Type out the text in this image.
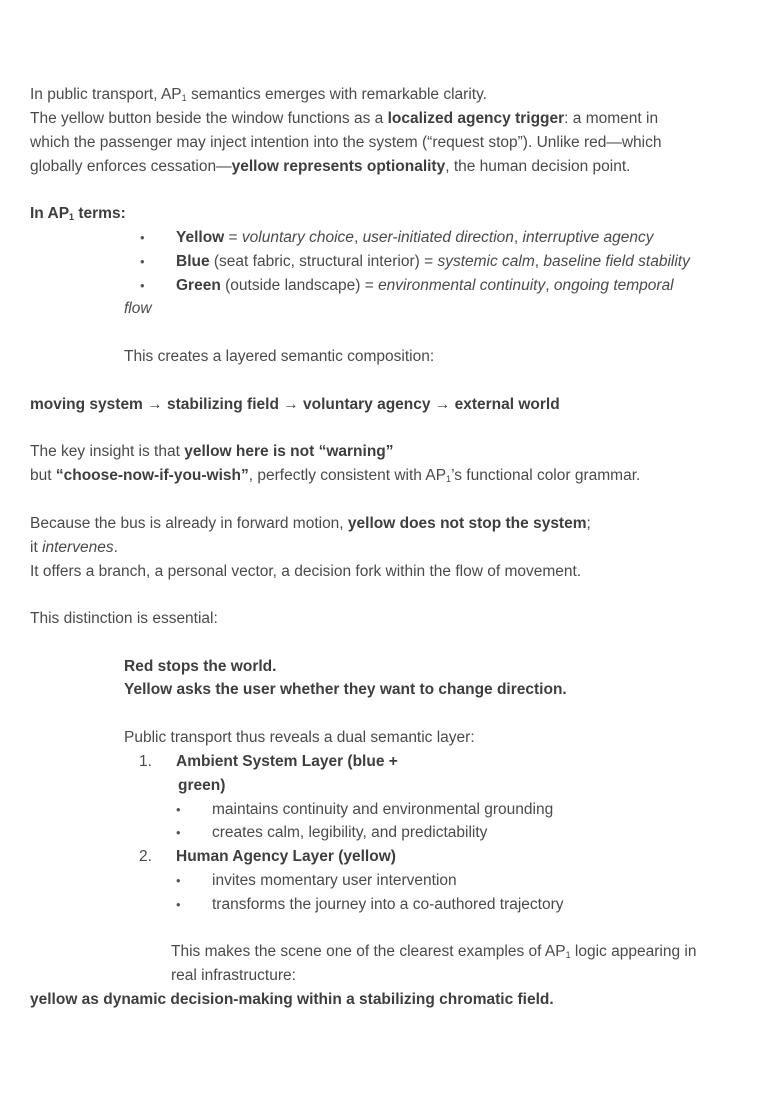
In public transport, $AP_1$ semantics emerges with remarkable clarity.
The yellow button beside the window functions as a localized agency trigger: a moment in
which the passenger may inject intention into the system (“request stop”). Unlike red—which
globally enforces cessation—yellow represents optionality, the human decision point.
In $AP_1$ terms:
• Yellow = voluntary choice, user-initiated direction, interruptive agency
• Blue (seat fabric, structural interior) = systemic calm, baseline field stability
• Green (outside landscape) = environmental continuity, ongoing temporal
flow
This creates a layered semantic composition:
moving system → stabilizing field → voluntary agency → external world
The key insight is that yellow here is not “warning”
but “choose-now-if-you-wish”, perfectly consistent with $AP_1’s$ functional color grammar.
Because the bus is already in forward motion, yellow does not stop the system;
it intervenes.
It offers a branch, a personal vector, a decision fork within the flow of movement.
This distinction is essential:
Red stops the world.
Yellow asks the user whether they want to change direction.
Public transport thus reveals a dual semantic layer:
1. Ambient System Layer (blue +
green)
• maintains continuity and environmental grounding
• creates calm, legibility, and predictability
2. Human Agency Layer (yellow)
• invites momentary user intervention
• transforms the journey into a co-authored trajectory
This makes the scene one of the clearest examples of $AP_1$ logic appearing in
real infrastructure:
yellow as dynamic decision-making within a stabilizing chromatic field.
